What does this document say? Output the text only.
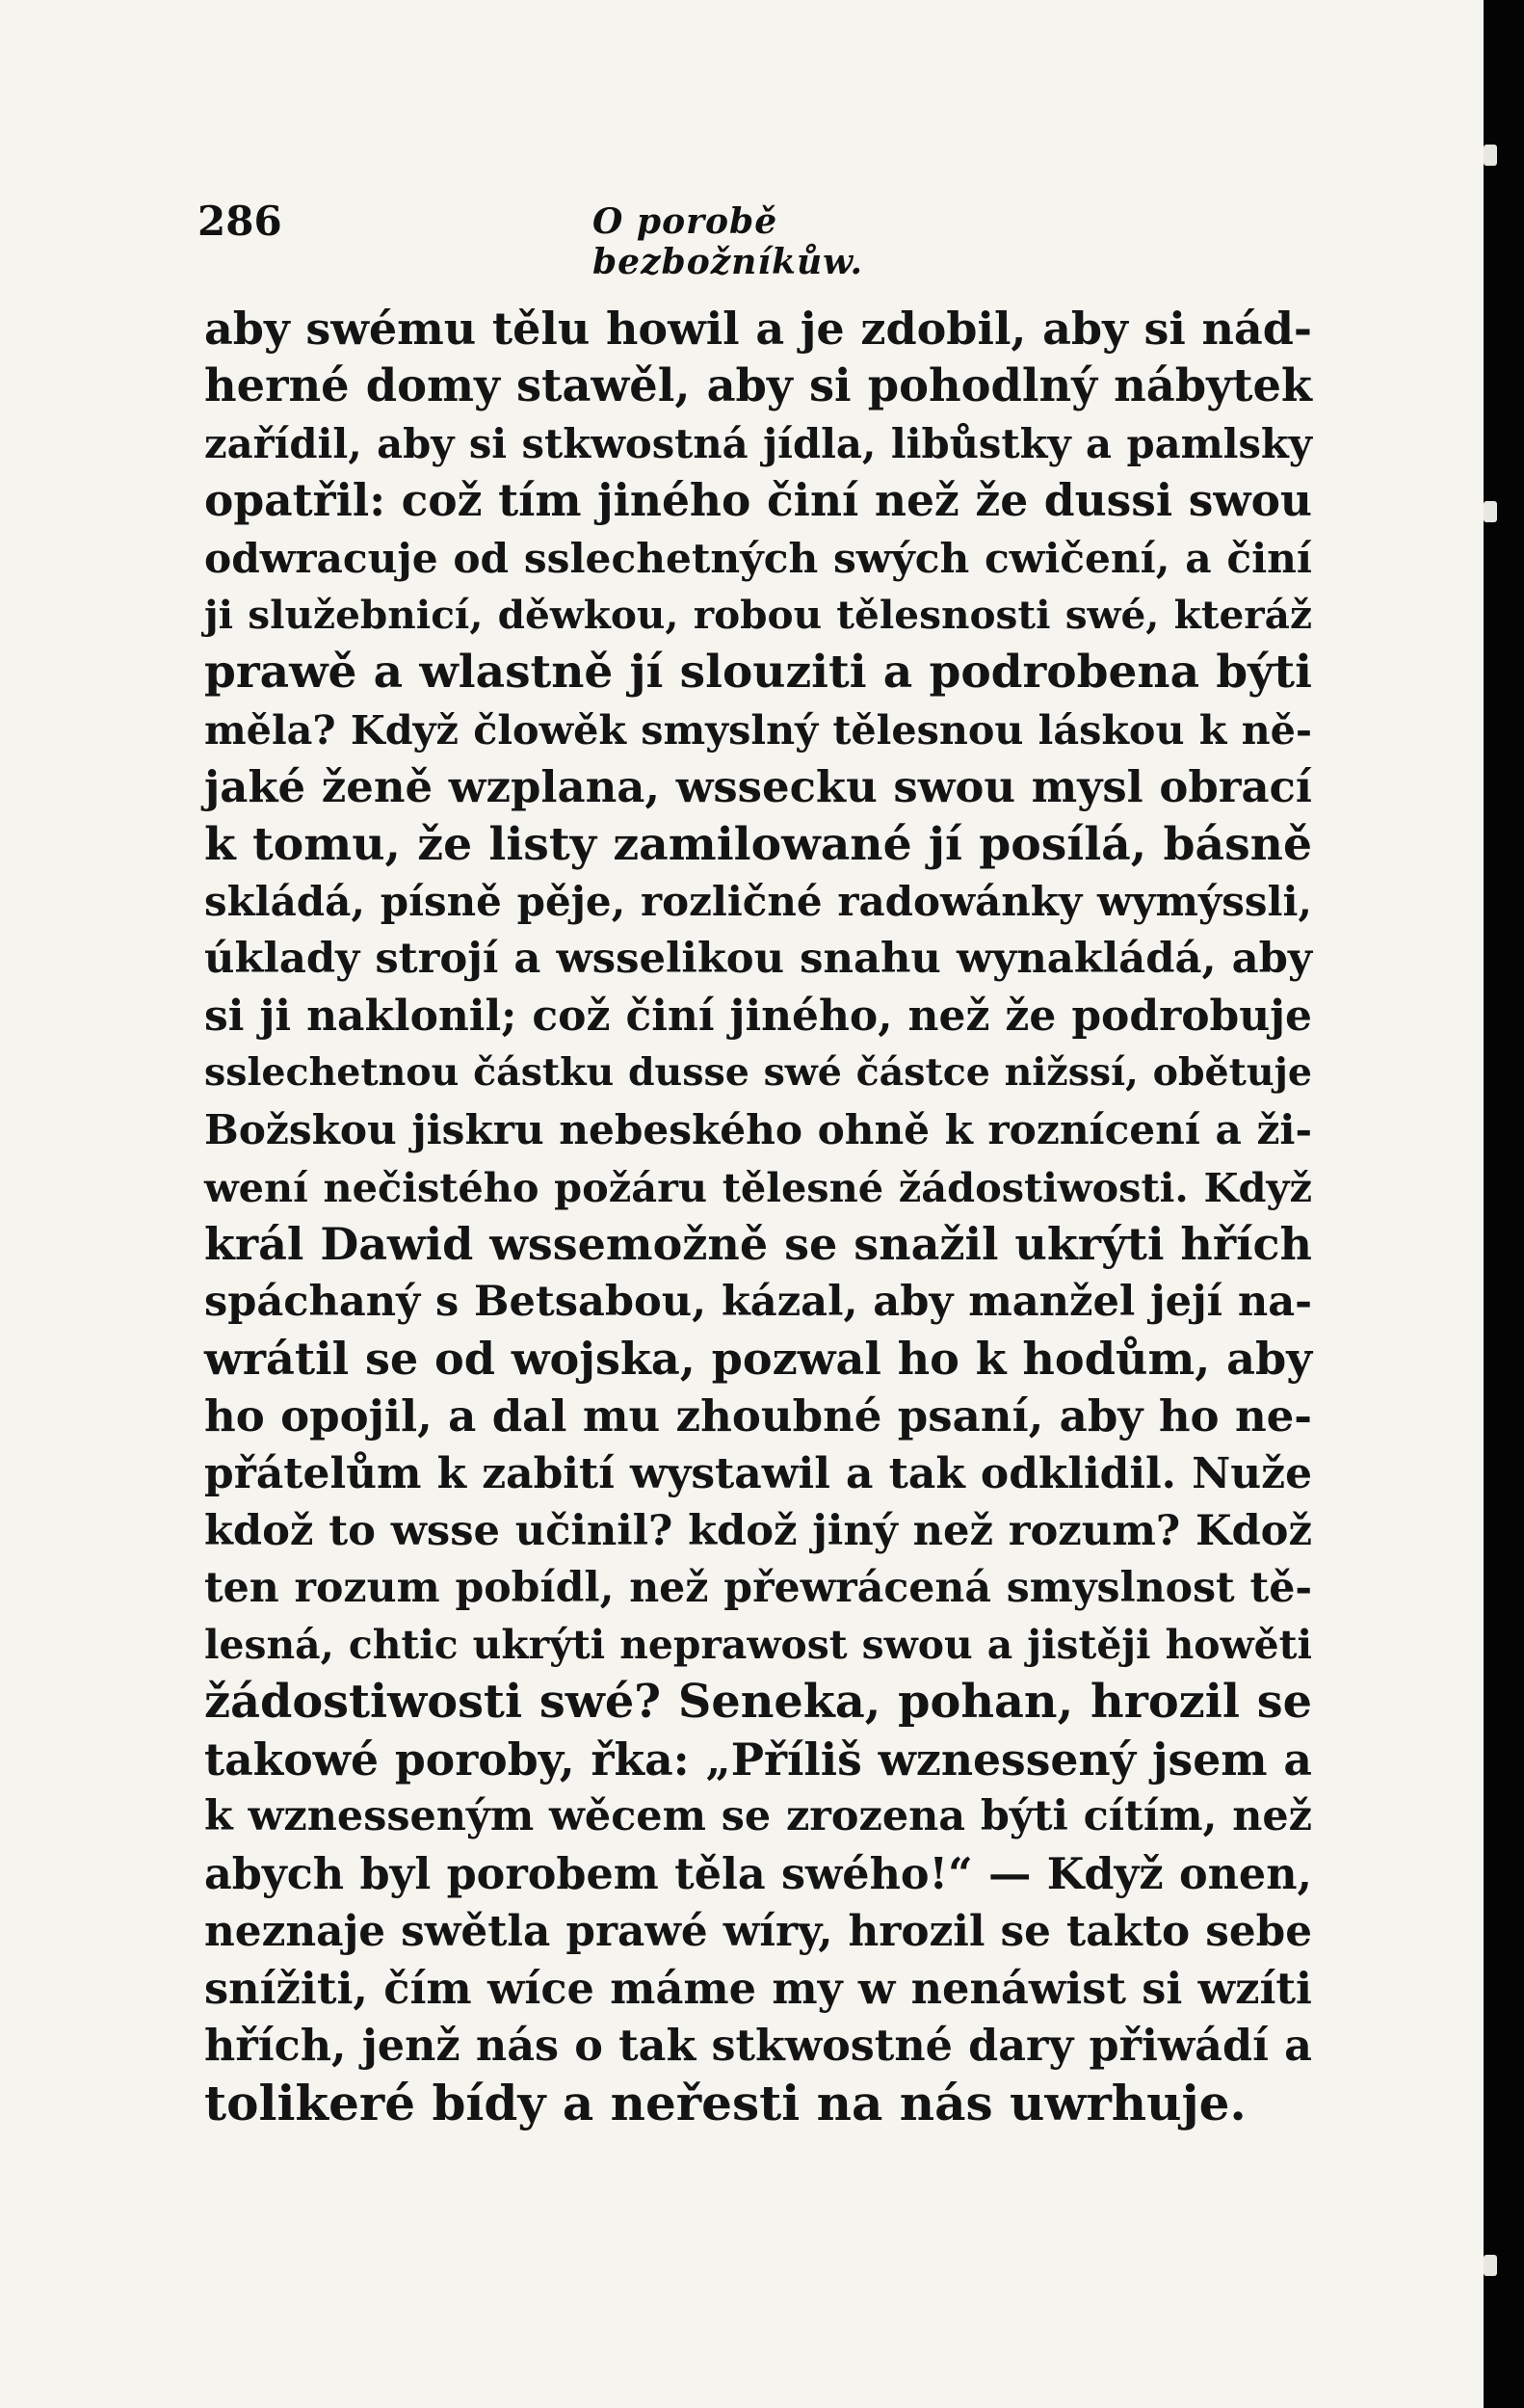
286	O porobě bezbožníkůw.
aby swému tělu howil a je zdobil, aby si nád-
herné domy stawěl, aby si pohodlný nábytek
zařídil, aby si stkwostná jídla, libůstky a pamlsky
opatřil: což tím jiného činí než že dussi swou
odwracuje od sslechetných swých cwičení, a činí
ji služebnicí, děwkou, robou tělesnosti swé, kteráž
prawě a wlastně jí slouziti a podrobena býti
měla? Když člowěk smyslný tělesnou láskou k ně-
jaké ženě wzplana, wssecku swou mysl obrací
k tomu, že listy zamilowané jí posílá, básně
skládá, písně pěje, rozličné radowánky wymýssli,
úklady strojí a wsselikou snahu wynakládá, aby
si ji naklonil; což činí jiného, než že podrobuje
sslechetnou částku dusse swé částce nižssí, obětuje
Božskou jiskru nebeského ohně k roznícení a ži-
wení nečistého požáru tělesné žádostiwosti. Když
král Dawid wssemožně se snažil ukrýti hřích
spáchaný s Betsabou, kázal, aby manžel její na-
wrátil se od wojska, pozwal ho k hodům, aby
ho opojil, a dal mu zhoubné psaní, aby ho ne-
přátelům k zabití wystawil a tak odklidil. Nuže
kdož to wsse učinil? kdož jiný než rozum? Kdož
ten rozum pobídl, než přewrácená smyslnost tě-
lesná, chtic ukrýti neprawost swou a jistěji howěti
žádostiwosti swé? Seneka, pohan, hrozil se
takowé poroby, řka: „Příliš wznessený jsem a
k wznesseným wěcem se zrozena býti cítím, než
abych byl porobem těla swého!“ — Když onen,
neznaje swětla prawé wíry, hrozil se takto sebe
snížiti, čím wíce máme my w nenáwist si wzíti
hřích, jenž nás o tak stkwostné dary přiwádí a
tolikeré bídy a neřesti na nás uwrhuje.
